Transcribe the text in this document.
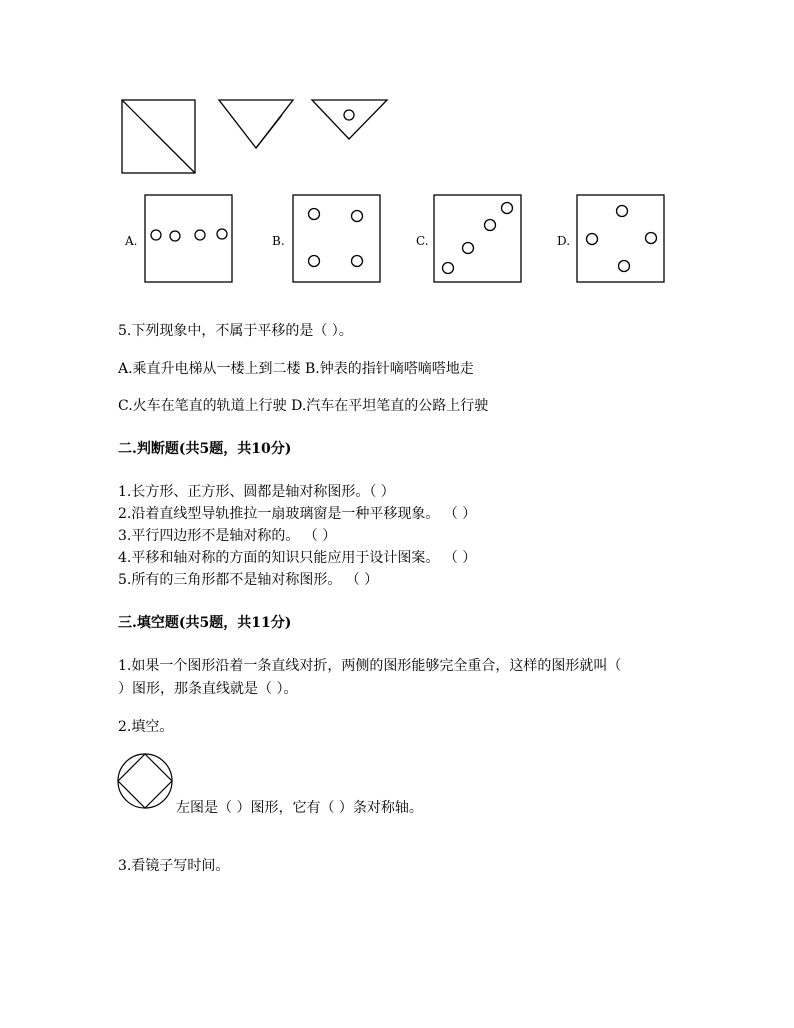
A.	B.	C.	D.
5.下列现象中，不属于平移的是（ ）。
A.乘直升电梯从一楼上到二楼 B.钟表的指针嘀嗒嘀嗒地走
C.火车在笔直的轨道上行驶 D.汽车在平坦笔直的公路上行驶
二.判断题(共5题，共10分)
1.长方形、正方形、圆都是轴对称图形。（ ）
2.沿着直线型导轨推拉一扇玻璃窗是一种平移现象。 （ ）
3.平行四边形不是轴对称的。 （ ）
4.平移和轴对称的方面的知识只能应用于设计图案。 （ ）
5.所有的三角形都不是轴对称图形。 （ ）
三.填空题(共5题，共11分)
1.如果一个图形沿着一条直线对折，两侧的图形能够完全重合，这样的图形就叫（
）图形，那条直线就是（ ）。
2.填空。
左图是（ ）图形，它有（ ）条对称轴。
3.看镜子写时间。
